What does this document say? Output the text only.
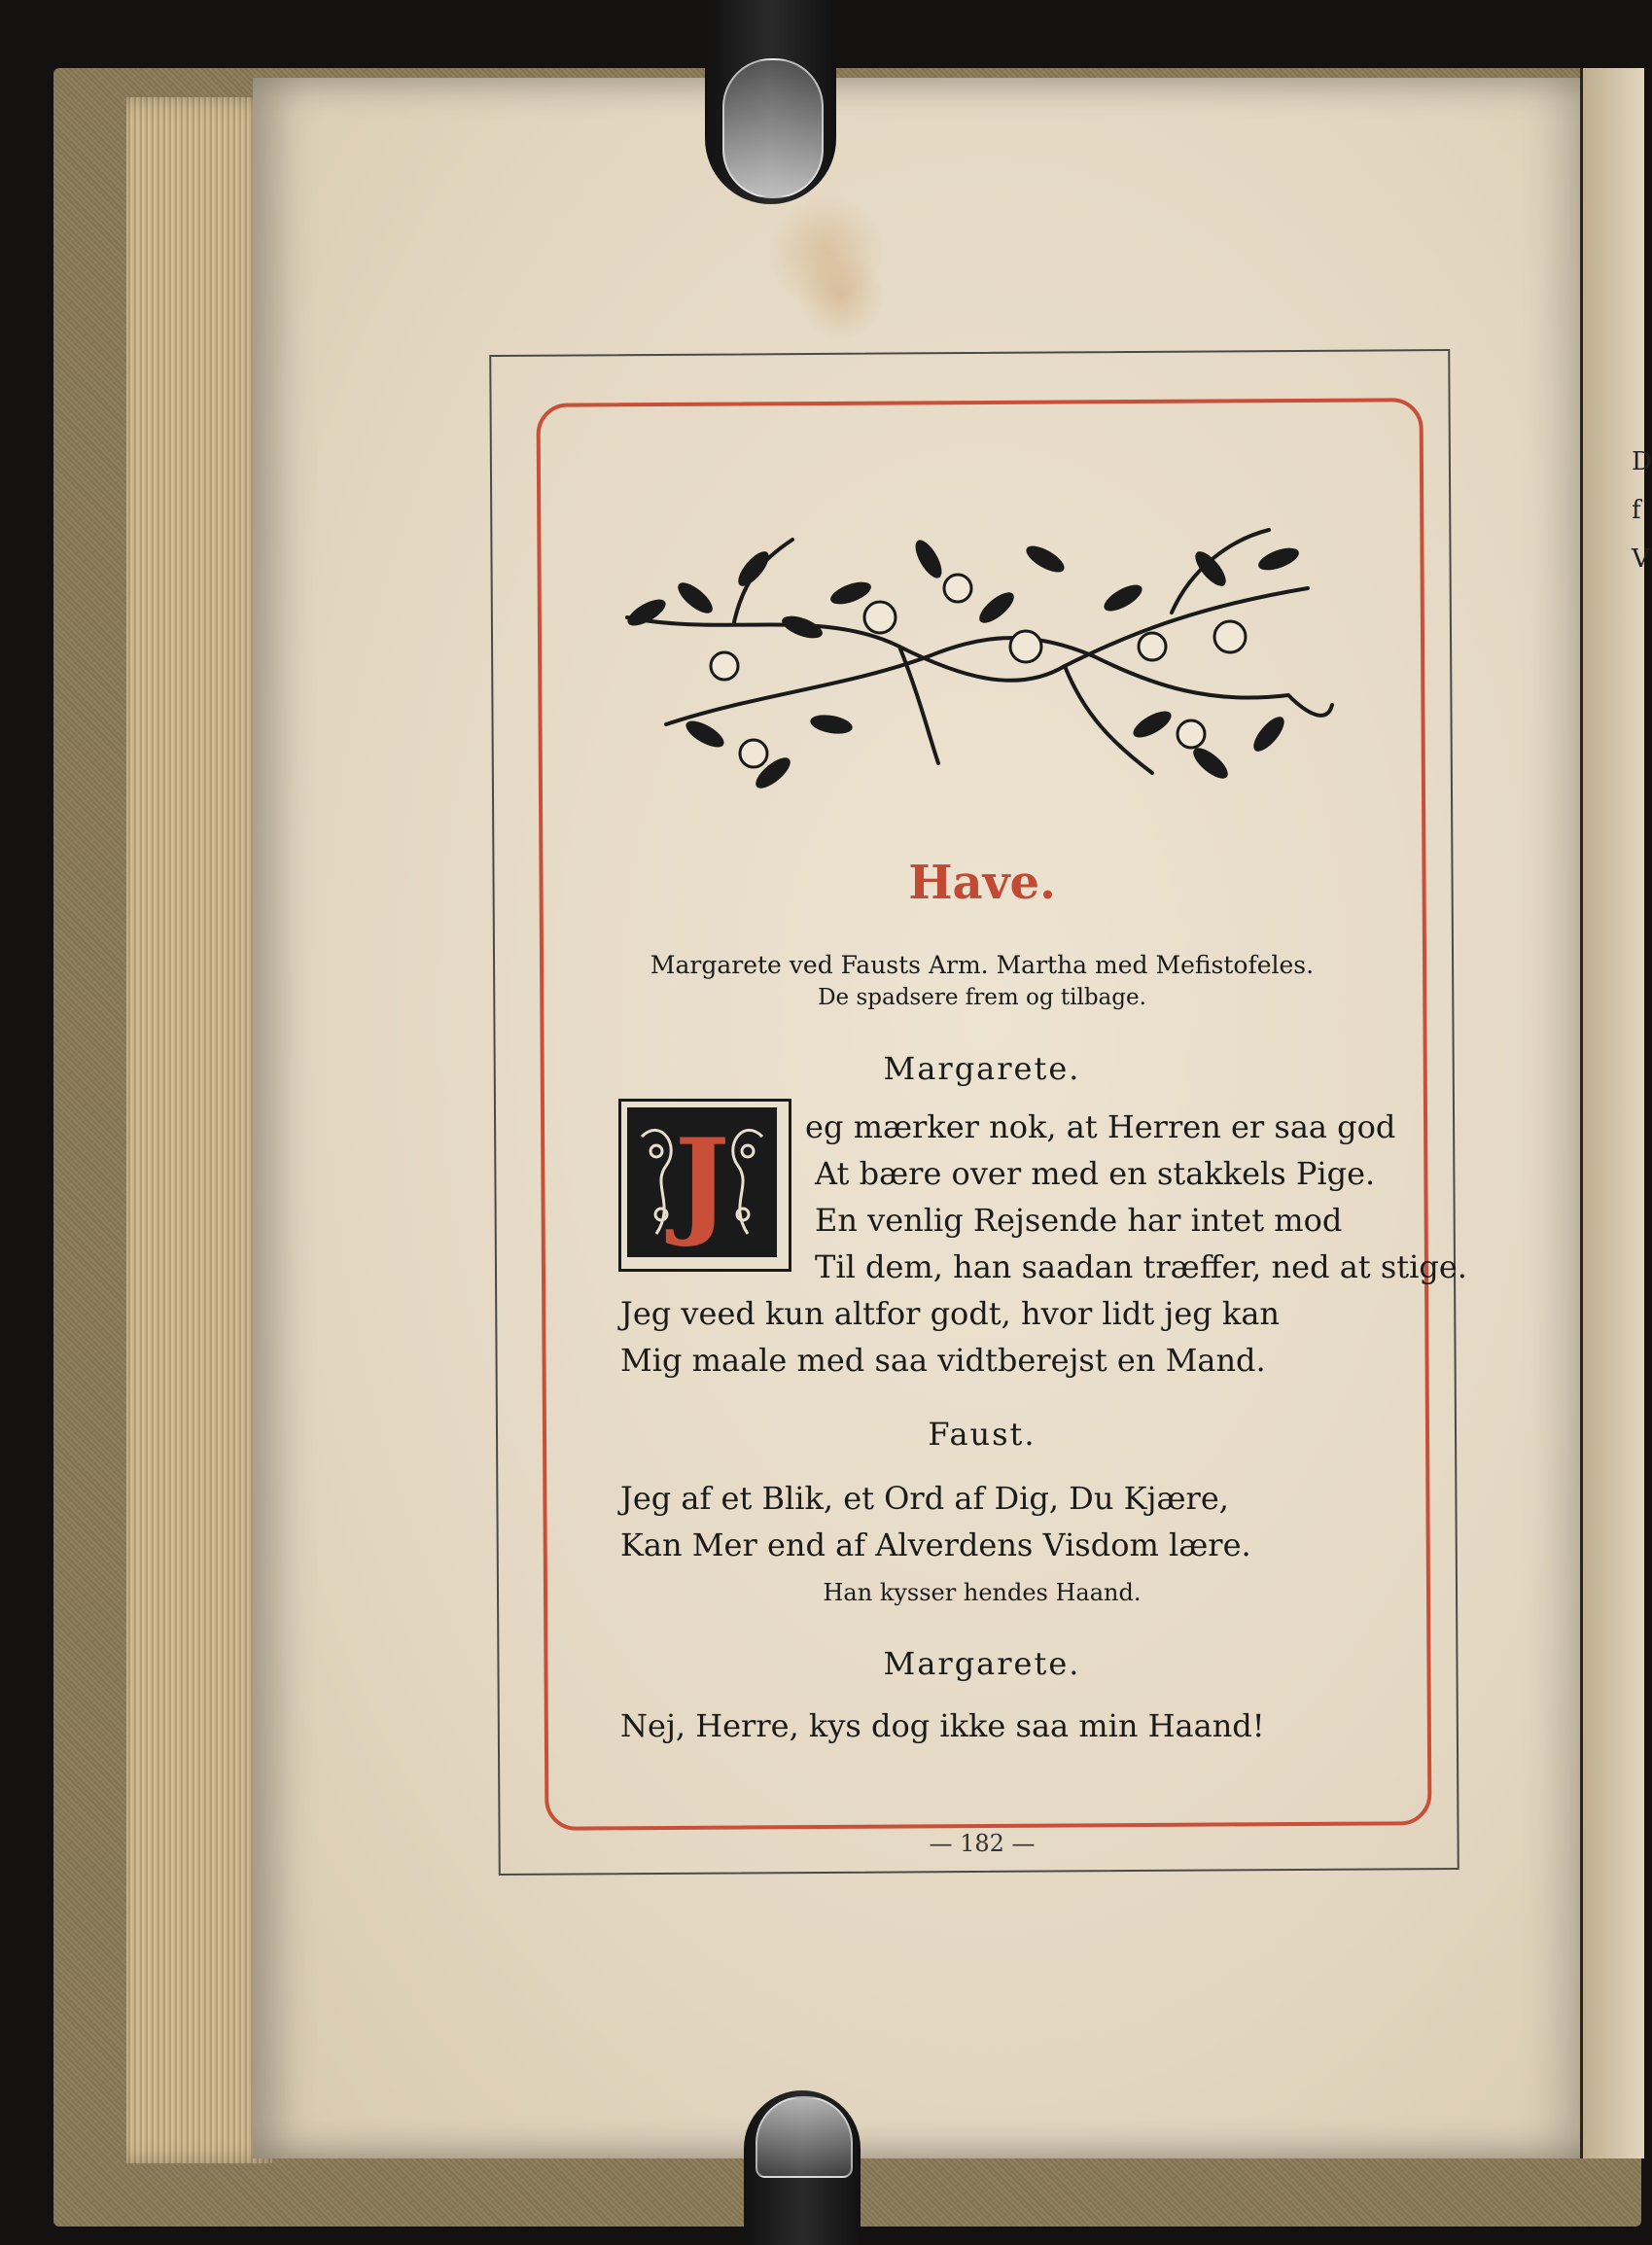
D
f
V
Have.
Margarete ved Fausts Arm. Martha med Mefistofeles.
De spadsere frem og tilbage.
Margarete.
J	eg mærker nok, at Herren er saa god
At bære over med en stakkels Pige.
En venlig Rejsende har intet mod
Til dem, han saadan træffer, ned at stige.
Jeg veed kun altfor godt, hvor lidt jeg kan
Mig maale med saa vidtberejst en Mand.
Faust.
Jeg af et Blik, et Ord af Dig, Du Kjære,
Kan Mer end af Alverdens Visdom lære.
Han kysser hendes Haand.
Margarete.
Nej, Herre, kys dog ikke saa min Haand!
— 182 —
